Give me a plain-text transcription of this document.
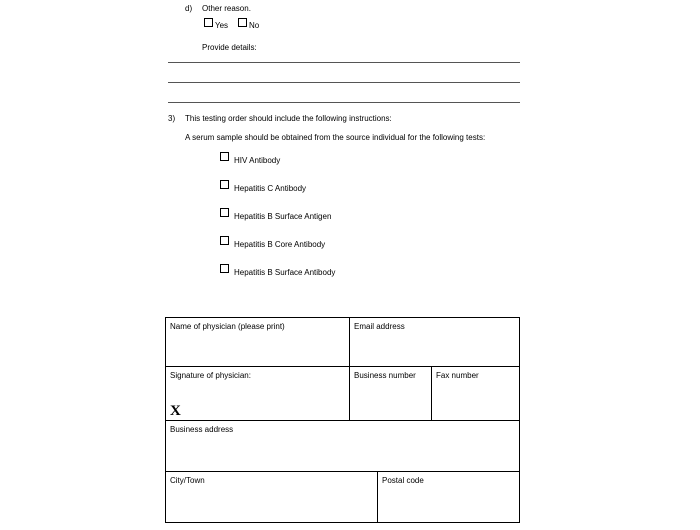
d) Other reason.
Yes	No
Provide details:
3) This testing order should include the following instructions:
A serum sample should be obtained from the source individual for the following tests:
HIV Antibody
Hepatitis C Antibody
Hepatitis B Surface Antigen
Hepatitis B Core Antibody
Hepatitis B Surface Antibody
Name of physician (please print)	Email address
Signature of physician:
X
Business number	Fax number
Business address
City/Town	Postal code
